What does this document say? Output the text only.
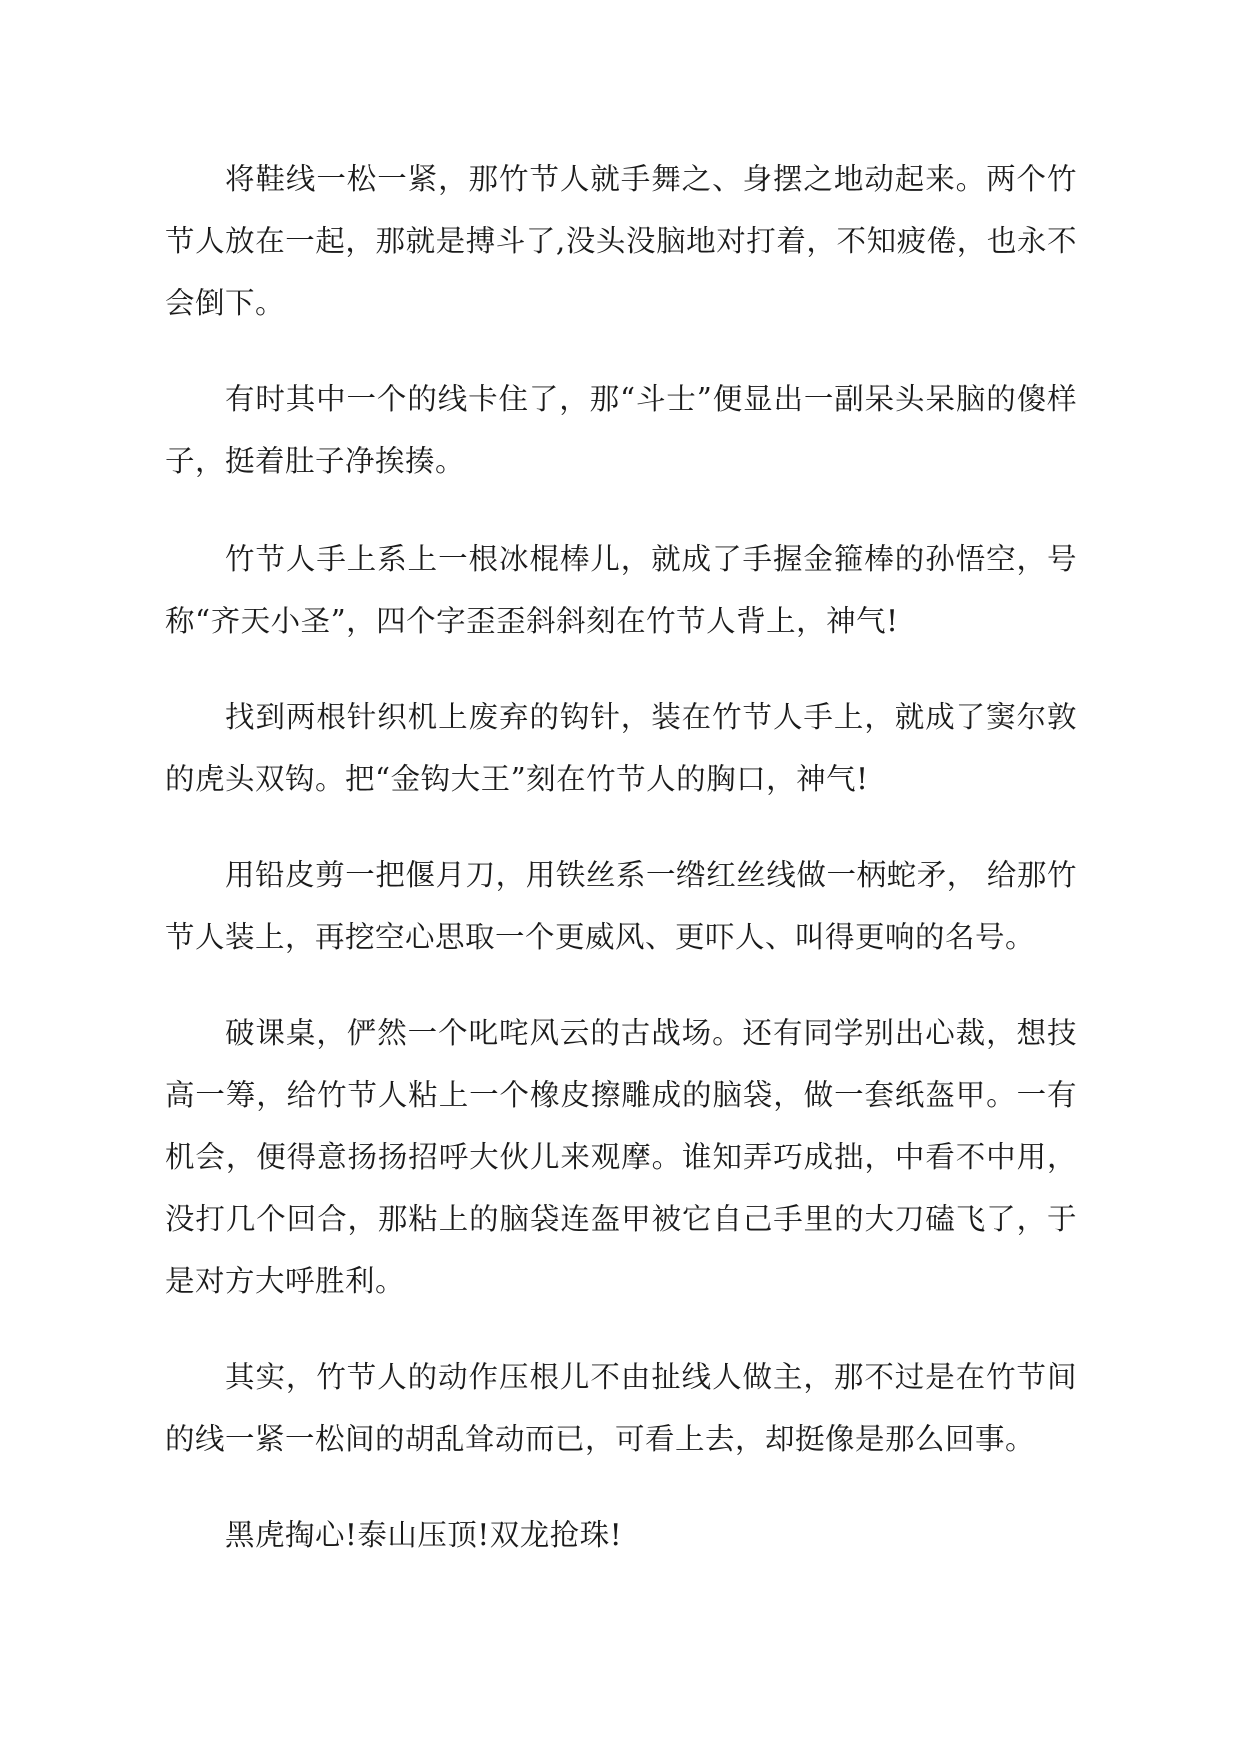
将鞋线一松一紧，那竹节人就手舞之、身摆之地动起来。两个竹节人放在一起，那就是搏斗了,没头没脑地对打着，不知疲倦，也永不会倒下。

有时其中一个的线卡住了，那“斗士”便显出一副呆头呆脑的傻样子，挺着肚子净挨揍。

竹节人手上系上一根冰棍棒儿，就成了手握金箍棒的孙悟空，号称“齐天小圣”，四个字歪歪斜斜刻在竹节人背上，神气!

找到两根针织机上废弃的钩针，装在竹节人手上，就成了窦尔敦的虎头双钩。把“金钩大王”刻在竹节人的胸口，神气!

用铅皮剪一把偃月刀，用铁丝系一绺红丝线做一柄蛇矛， 给那竹节人装上，再挖空心思取一个更威风、更吓人、叫得更响的名号。

破课桌，俨然一个叱咤风云的古战场。还有同学别出心裁，想技高一筹，给竹节人粘上一个橡皮擦雕成的脑袋，做一套纸盔甲。一有机会，便得意扬扬招呼大伙儿来观摩。谁知弄巧成拙，中看不中用，没打几个回合，那粘上的脑袋连盔甲被它自己手里的大刀磕飞了，于是对方大呼胜利。

其实，竹节人的动作压根儿不由扯线人做主，那不过是在竹节间的线一紧一松间的胡乱耸动而已，可看上去，却挺像是那么回事。

黑虎掏心!泰山压顶!双龙抢珠!
